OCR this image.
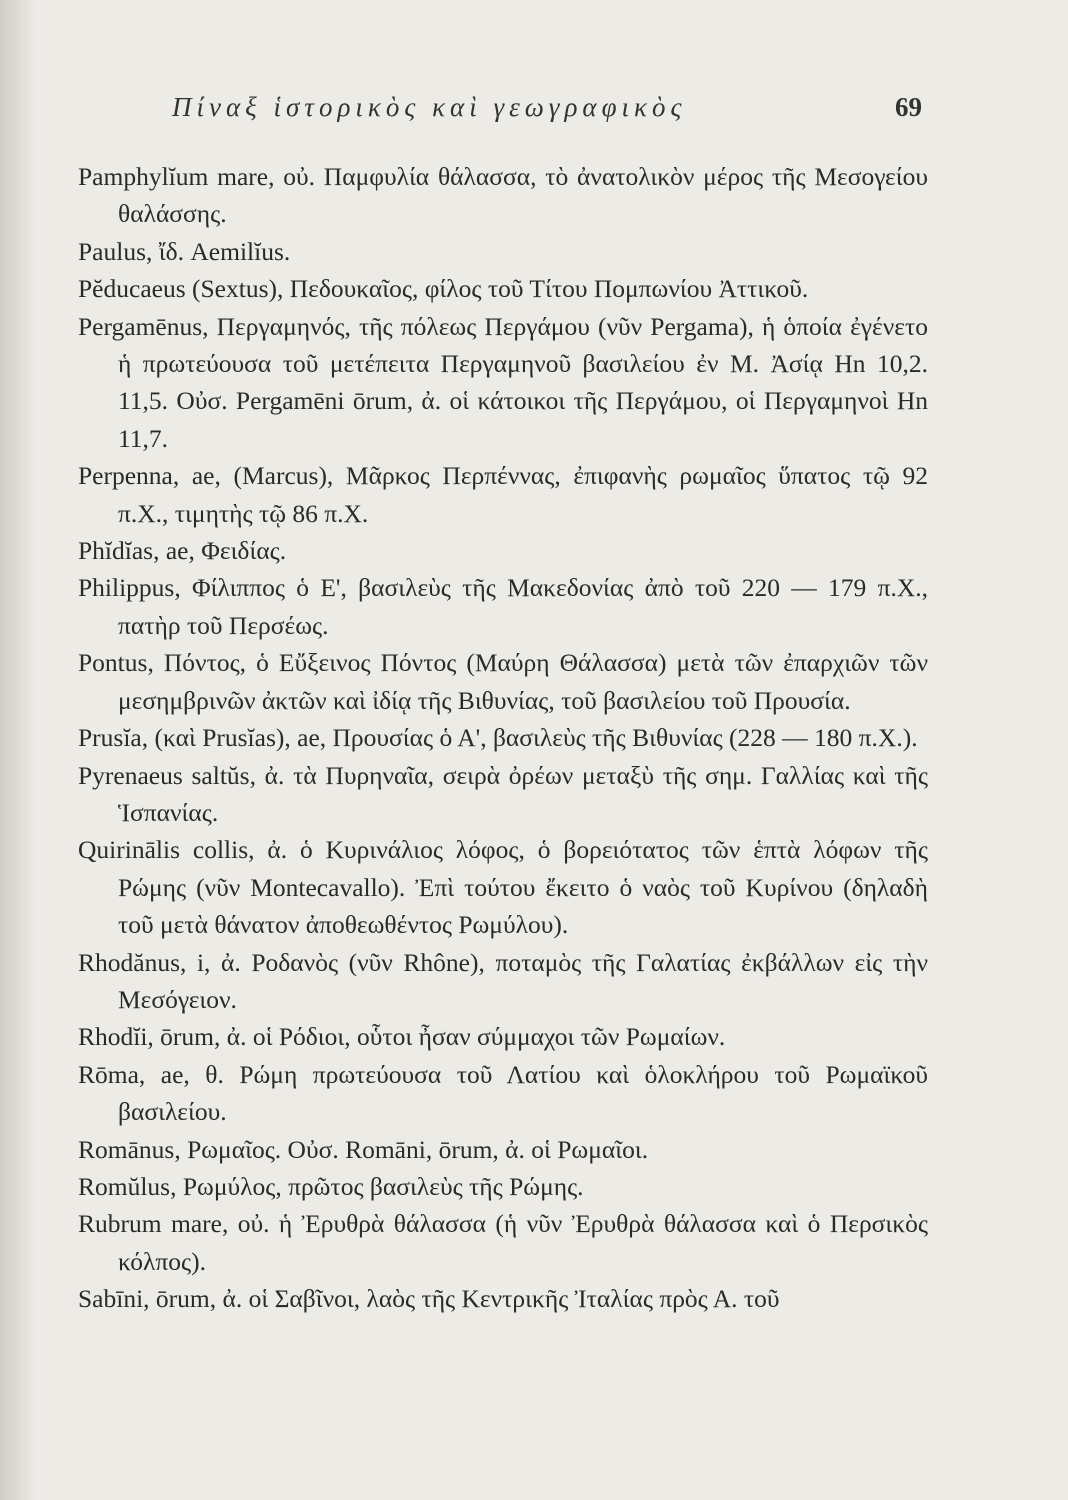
Πίναξ ἱστορικὸς καὶ γεωγραφικὸς	69
Pamphylĭum mare, οὐ. Παμφυλία θάλασσα, τὸ ἀνατολικὸν μέρος τῆς Μεσογείου θαλάσσης.
Paulus, ἴδ. Aemilĭus.
Pĕducaeus (Sextus), Πεδουκαῖος, φίλος τοῦ Τίτου Πομπωνίου Ἀττικοῦ.
Pergamēnus, Περγαμηνός, τῆς πόλεως Περγάμου (νῦν Pergama), ἡ ὁποία ἐγένετο ἡ πρωτεύουσα τοῦ μετέπειτα Περγαμηνοῦ βασιλείου ἐν Μ. Ἀσίᾳ Ηn 10,2. 11,5. Οὐσ. Pergamēni ōrum, ἀ. οἱ κάτοικοι τῆς Περγάμου, οἱ Περγαμηνοὶ Ηn 11,7.
Perpenna, ae, (Marcus), Μᾶρκος Περπέννας, ἐπιφανὴς ρωμαῖος ὕπατος τῷ 92 π.Χ., τιμητὴς τῷ 86 π.Χ.
Phĭdĭas, ae, Φειδίας.
Philippus, Φίλιππος ὁ Ε', βασιλεὺς τῆς Μακεδονίας ἀπὸ τοῦ 220 — 179 π.Χ., πατὴρ τοῦ Περσέως.
Pontus, Πόντος, ὁ Εὔξεινος Πόντος (Μαύρη Θάλασσα) μετὰ τῶν ἐπαρχιῶν τῶν μεσημβρινῶν ἀκτῶν καὶ ἰδίᾳ τῆς Βιθυνίας, τοῦ βασιλείου τοῦ Προυσία.
Prusĭa, (καὶ Prusĭas), ae, Προυσίας ὁ Α', βασιλεὺς τῆς Βιθυνίας (228 — 180 π.Χ.).
Pyrenaeus saltŭs, ἀ. τὰ Πυρηναῖα, σειρὰ ὀρέων μεταξὺ τῆς σημ. Γαλλίας καὶ τῆς Ἱσπανίας.
Quirinālis collis, ἀ. ὁ Κυρινάλιος λόφος, ὁ βορειότατος τῶν ἑπτὰ λόφων τῆς Ρώμης (νῦν Montecavallo). Ἐπὶ τούτου ἔκειτο ὁ ναὸς τοῦ Κυρίνου (δηλαδὴ τοῦ μετὰ θάνατον ἀποθεωθέντος Ρωμύλου).
Rhodănus, i, ἀ. Ροδανὸς (νῦν Rhône), ποταμὸς τῆς Γαλατίας ἐκβάλλων εἰς τὴν Μεσόγειον.
Rhodĭi, ōrum, ἀ. οἱ Ρόδιοι, οὗτοι ἦσαν σύμμαχοι τῶν Ρωμαίων.
Rōma, ae, θ. Ρώμη πρωτεύουσα τοῦ Λατίου καὶ ὁλοκλήρου τοῦ Ρωμαϊκοῦ βασιλείου.
Romānus, Ρωμαῖος. Οὐσ. Romāni, ōrum, ἀ. οἱ Ρωμαῖοι.
Romŭlus, Ρωμύλος, πρῶτος βασιλεὺς τῆς Ρώμης.
Rubrum mare, οὐ. ἡ Ἐρυθρὰ θάλασσα (ἡ νῦν Ἐρυθρὰ θάλασσα καὶ ὁ Περσικὸς κόλπος).
Sabīni, ōrum, ἀ. οἱ Σαβῖνοι, λαὸς τῆς Κεντρικῆς Ἰταλίας πρὸς Α. τοῦ
